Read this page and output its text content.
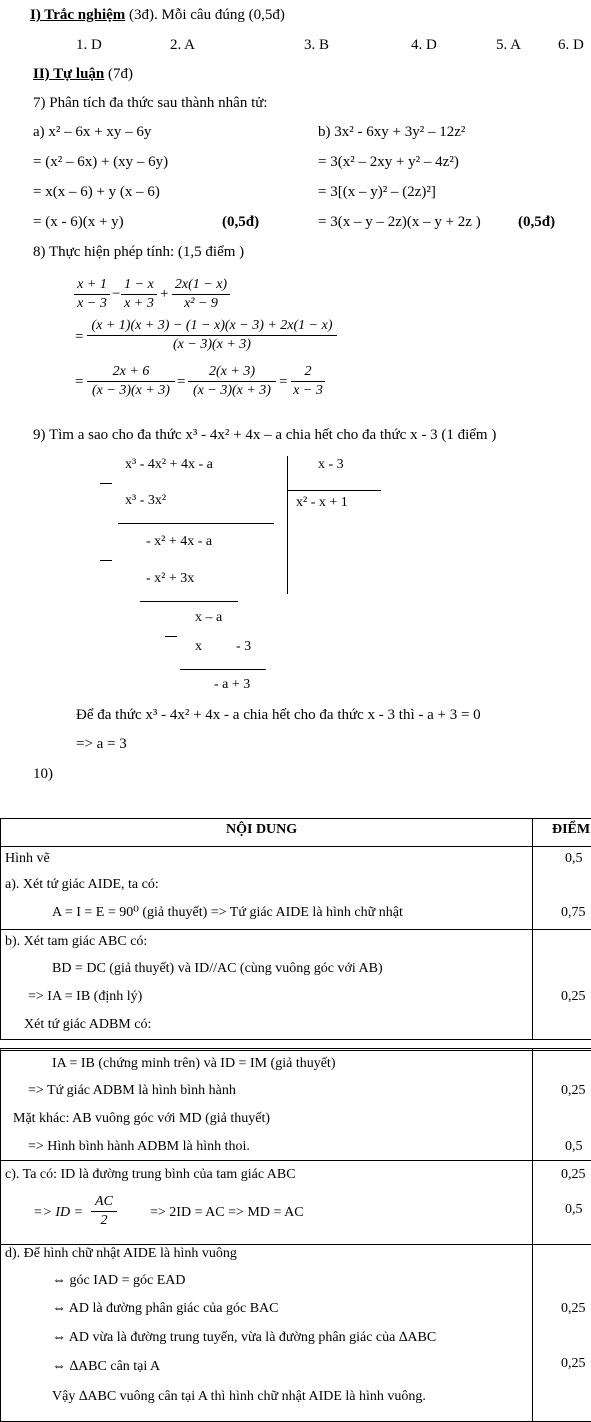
I) Trắc nghiệm (3đ). Mỗi câu đúng (0,5đ)
1. D	2. A	3. B	4. D	5. A 6. D
II) Tự luận (7đ)
7) Phân tích đa thức sau thành nhân tử:
a) x² – 6x + xy – 6y
= (x² – 6x) + (xy – 6y)
= x(x – 6) + y (x – 6)
= (x - 6)(x + y)	(0,5đ)
b) 3x² - 6xy + 3y² – 12z²
= 3(x² – 2xy + y² – 4z²)
= 3[(x – y)² – (2z)²]
= 3(x – y – 2z)(x – y + 2z ) (0,5đ)
8) Thực hiện phép tính: (1,5 điểm )
x + 1
x − 3
−
1 − x
x + 3
+
2x(1 − x)
x² − 9
=
(x + 1)(x + 3) − (1 − x)(x − 3) + 2x(1 − x)
(x − 3)(x + 3)
=
2x + 6
(x − 3)(x + 3)
=
2(x + 3)
(x − 3)(x + 3)
=
2
x − 3
9) Tìm a sao cho đa thức x³ - 4x² + 4x – a chia hết cho đa thức x - 3 (1 điểm )
x³ - 4x² + 4x - a	x - 3
x³ - 3x²	x² - x + 1
- x² + 4x - a
- x² + 3x
x – a
x - 3
- a + 3
Để đa thức x³ - 4x² + 4x - a chia hết cho đa thức x - 3 thì - a + 3 = 0
=> a = 3
10)
NỘI DUNG	ĐIỂM
Hình vẽ	0,5
a). Xét tứ giác AIDE, ta có:
A = I = E = 90⁰ (giả thuyết) => Tứ giác AIDE là hình chữ nhật	0,75
b). Xét tam giác ABC có:
BD = DC (giả thuyết) và ID//AC (cùng vuông góc với AB)
=> IA = IB (định lý)	0,25
Xét tứ giác ADBM có:
IA = IB (chứng minh trên) và ID = IM (giả thuyết)
=> Tứ giác ADBM là hình bình hành	0,25
Mặt khác: AB vuông góc với MD (giả thuyết)
=> Hình bình hành ADBM là hình thoi.	0,5
c). Ta có: ID là đường trung bình của tam giác ABC	0,25
=> ID =
AC
2
=> 2ID = AC => MD = AC	0,5
d). Để hình chữ nhật AIDE là hình vuông
⇔ góc IAD = góc EAD
⇔ AD là đường phân giác của góc BAC	0,25
⇔ AD vừa là đường trung tuyến, vừa là đường phân giác của ∆ABC
⇔ ∆ABC cân tại A	0,25
Vậy ∆ABC vuông cân tại A thì hình chữ nhật AIDE là hình vuông.
